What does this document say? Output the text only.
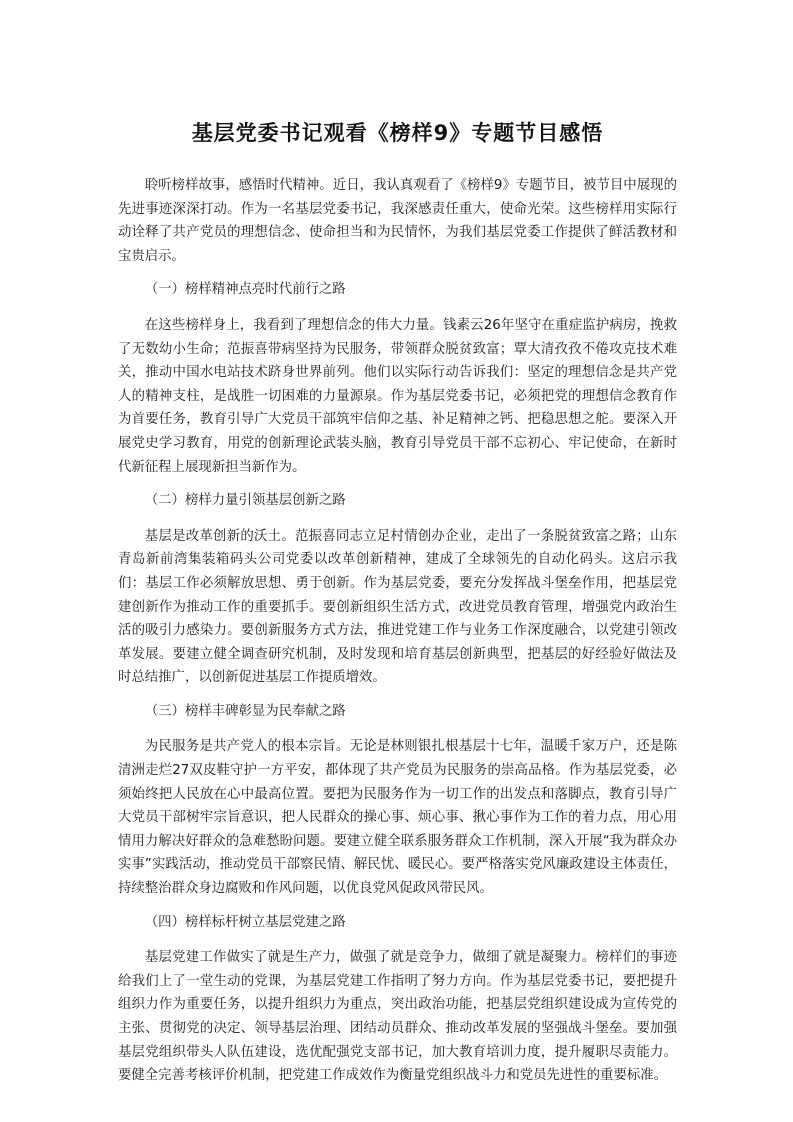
基层党委书记观看《榜样9》专题节目感悟

聆听榜样故事，感悟时代精神。近日，我认真观看了《榜样9》专题节目，被节目中展现的先进事迹深深打动。作为一名基层党委书记，我深感责任重大，使命光荣。这些榜样用实际行动诠释了共产党员的理想信念、使命担当和为民情怀，为我们基层党委工作提供了鲜活教材和宝贵启示。

（一）榜样精神点亮时代前行之路

在这些榜样身上，我看到了理想信念的伟大力量。钱素云26年坚守在重症监护病房，挽救了无数幼小生命；范振喜带病坚持为民服务，带领群众脱贫致富；覃大清孜孜不倦攻克技术难关，推动中国水电站技术跻身世界前列。他们以实际行动告诉我们：坚定的理想信念是共产党人的精神支柱，是战胜一切困难的力量源泉。作为基层党委书记，必须把党的理想信念教育作为首要任务，教育引导广大党员干部筑牢信仰之基、补足精神之钙、把稳思想之舵。要深入开展党史学习教育，用党的创新理论武装头脑，教育引导党员干部不忘初心、牢记使命，在新时代新征程上展现新担当新作为。

（二）榜样力量引领基层创新之路

基层是改革创新的沃土。范振喜同志立足村情创办企业，走出了一条脱贫致富之路；山东青岛新前湾集装箱码头公司党委以改革创新精神，建成了全球领先的自动化码头。这启示我们：基层工作必须解放思想、勇于创新。作为基层党委，要充分发挥战斗堡垒作用，把基层党建创新作为推动工作的重要抓手。要创新组织生活方式，改进党员教育管理，增强党内政治生活的吸引力感染力。要创新服务方式方法，推进党建工作与业务工作深度融合，以党建引领改革发展。要建立健全调查研究机制，及时发现和培育基层创新典型，把基层的好经验好做法及时总结推广，以创新促进基层工作提质增效。

（三）榜样丰碑彰显为民奉献之路

为民服务是共产党人的根本宗旨。无论是林则银扎根基层十七年，温暖千家万户，还是陈清洲走烂27双皮鞋守护一方平安，都体现了共产党员为民服务的崇高品格。作为基层党委，必须始终把人民放在心中最高位置。要把为民服务作为一切工作的出发点和落脚点，教育引导广大党员干部树牢宗旨意识，把人民群众的操心事、烦心事、揪心事作为工作的着力点，用心用情用力解决好群众的急难愁盼问题。要建立健全联系服务群众工作机制，深入开展“我为群众办实事”实践活动，推动党员干部察民情、解民忧、暖民心。要严格落实党风廉政建设主体责任，持续整治群众身边腐败和作风问题，以优良党风促政风带民风。

（四）榜样标杆树立基层党建之路

基层党建工作做实了就是生产力，做强了就是竞争力，做细了就是凝聚力。榜样们的事迹给我们上了一堂生动的党课，为基层党建工作指明了努力方向。作为基层党委书记，要把提升组织力作为重要任务，以提升组织力为重点，突出政治功能，把基层党组织建设成为宣传党的主张、贯彻党的决定、领导基层治理、团结动员群众、推动改革发展的坚强战斗堡垒。要加强基层党组织带头人队伍建设，选优配强党支部书记，加大教育培训力度，提升履职尽责能力。要健全完善考核评价机制，把党建工作成效作为衡量党组织战斗力和党员先进性的重要标准。
